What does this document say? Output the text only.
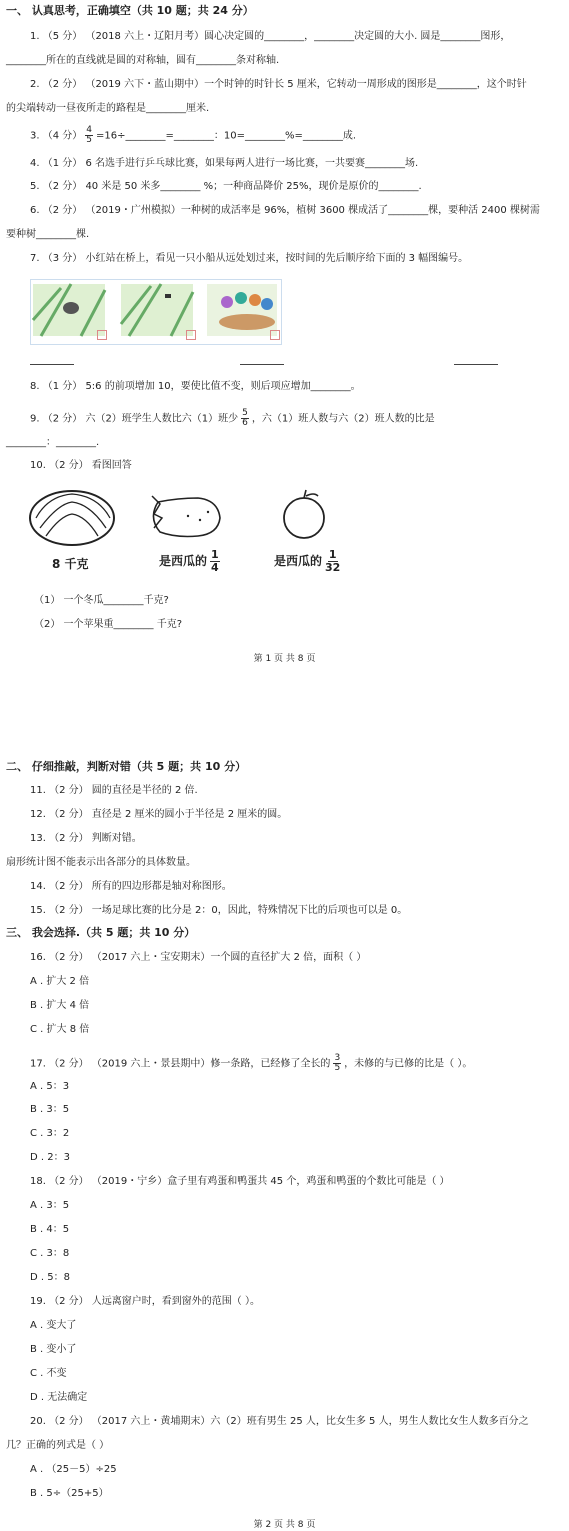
一、 认真思考，正确填空（共 10 题；共 24 分）
1. （5 分） （2018 六上・辽阳月考）圆心决定圆的________，________决定圆的大小. 圆是________图形，
________所在的直线就是圆的对称轴，圆有________条对称轴.
2. （2 分） （2019 六下・蓝山期中）一个时钟的时针长 5 厘米，它转动一周形成的图形是________，这个时针
的尖端转动一昼夜所走的路程是________厘米.
3. （4 分） $\frac{4}{5}$ =16÷________=________：10=________%=________成.
4. （1 分） 6 名选手进行乒乓球比赛，如果每两人进行一场比赛，一共要赛________场.
5. （2 分） 40 米是 50 米多________ %；一种商品降价 25%，现价是原价的________.
6. （2 分） （2019・广州模拟）一种树的成活率是 96%，植树 3600 棵成活了________棵，要种活 2400 棵树需
要种树________棵.
7. （3 分） 小红站在桥上，看见一只小船从远处划过来，按时间的先后顺序给下面的 3 幅图编号。
8. （1 分） 5:6 的前项增加 10，要使比值不变，则后项应增加________。
9. （2 分） 六（2）班学生人数比六（1）班少 $\frac{5}{6}$ ，六（1）班人数与六（2）班人数的比是
________：________.
10. （2 分） 看图回答
8 千克	是西瓜的 $\frac{1}{4}$	是西瓜的 $\frac{1}{32}$
（1） 一个冬瓜________千克?
（2） 一个苹果重________ 千克?
第 1 页 共 8 页
二、 仔细推敲，判断对错（共 5 题；共 10 分）
11. （2 分） 圆的直径是半径的 2 倍.
12. （2 分） 直径是 2 厘米的圆小于半径是 2 厘米的圆。
13. （2 分） 判断对错。
扇形统计图不能表示出各部分的具体数量。
14. （2 分） 所有的四边形都是轴对称图形。
15. （2 分） 一场足球比赛的比分是 2：0，因此，特殊情况下比的后项也可以是 0。
三、 我会选择.（共 5 题；共 10 分）
16. （2 分） （2017 六上・宝安期末）一个圆的直径扩大 2 倍，面积（ ）
A . 扩大 2 倍
B . 扩大 4 倍
C . 扩大 8 倍
17. （2 分） （2019 六上・景县期中）修一条路，已经修了全长的 $\frac{3}{5}$ ，未修的与已修的比是（ ）。
A . 5：3
B . 3：5
C . 3：2
D . 2：3
18. （2 分） （2019・宁乡）盒子里有鸡蛋和鸭蛋共 45 个，鸡蛋和鸭蛋的个数比可能是（ ）
A . 3：5
B . 4：5
C . 3：8
D . 5：8
19. （2 分） 人远离窗户时，看到窗外的范围（ ）。
A . 变大了
B . 变小了
C . 不变
D . 无法确定
20. （2 分） （2017 六上・黄埔期末）六（2）班有男生 25 人，比女生多 5 人，男生人数比女生人数多百分之
几？正确的列式是（ ）
A . （25－5）÷25
B . 5÷（25+5）
第 2 页 共 8 页
